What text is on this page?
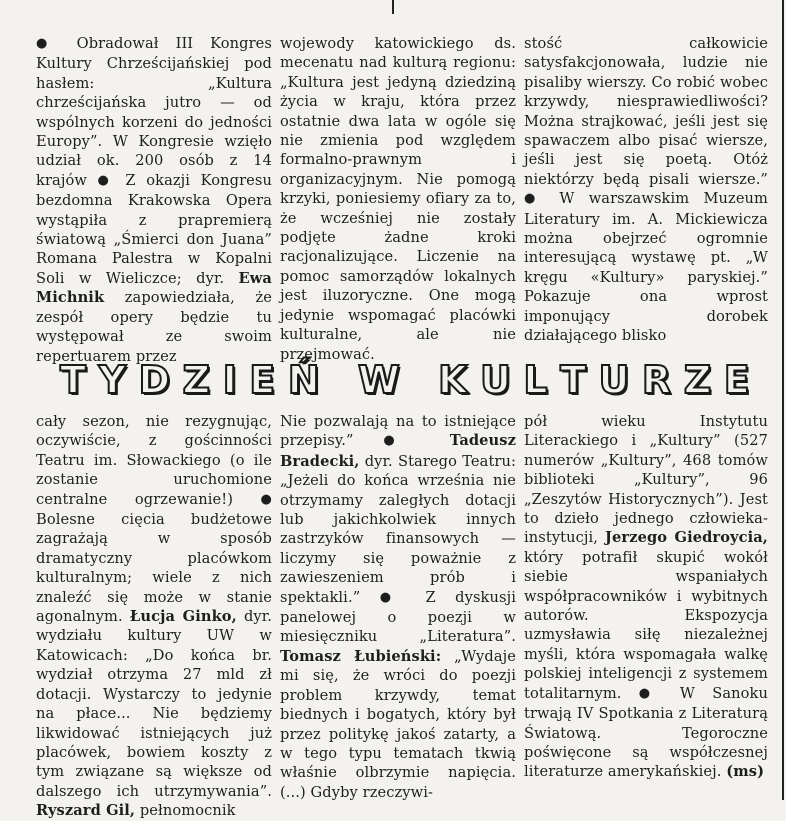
● Obradował III Kongres Kultury Chrześcijańskiej pod hasłem: „Kultura chrześcijańska jutro — od wspólnych korzeni do jedności Europy”. W Kongresie wzięło udział ok. 200 osób z 14 krajów ● Z okazji Kongresu bezdomna Krakowska Opera wystąpiła z prapremierą światową „Śmierci don Juana” Romana Palestra w Kopalni Soli w Wieliczce; dyr. Ewa Michnik zapowiedziała, że zespół opery będzie tu występował ze swoim repertuarem przez

wojewody katowickiego ds. mecenatu nad kulturą regionu: „Kultura jest jedyną dziedziną życia w kraju, która przez ostatnie dwa lata w ogóle się nie zmienia pod względem formalno-prawnym i organizacyjnym. Nie pomogą krzyki, poniesiemy ofiary za to, że wcześniej nie zostały podjęte żadne kroki racjonalizujące. Liczenie na pomoc samorządów lokalnych jest iluzoryczne. One mogą jedynie wspomagać placówki kulturalne, ale nie przejmować.

stość całkowicie satysfakcjonowała, ludzie nie pisaliby wierszy. Co robić wobec krzywdy, niesprawiedliwości? Można strajkować, jeśli jest się spawaczem albo pisać wiersze, jeśli jest się poetą. Otóż niektórzy będą pisali wiersze.” ● W warszawskim Muzeum Literatury im. A. Mickiewicza można obejrzeć ogromnie interesującą wystawę pt. „W kręgu «Kultury» paryskiej.” Pokazuje ona wprost imponujący dorobek działającego blisko

T Y D Z I E Ń
W
K U L T U R Z E

cały sezon, nie rezygnując, oczywiście, z gościnności Teatru im. Słowackiego (o ile zostanie uruchomione centralne ogrzewanie!) ● Bolesne cięcia budżetowe zagrażają w sposób dramatyczny placówkom kulturalnym; wiele z nich znaleźć się może w stanie agonalnym. Łucja Ginko, dyr. wydziału kultury UW w Katowicach: „Do końca br. wydział otrzyma 27 mld zł dotacji. Wystarczy to jedynie na płace... Nie będziemy likwidować istniejących już placówek, bowiem koszty z tym związane są większe od dalszego ich utrzymywania”. Ryszard Gil, pełnomocnik

Nie pozwalają na to istniejące przepisy.” ● Tadeusz Bradecki, dyr. Starego Teatru: „Jeżeli do końca września nie otrzymamy zaległych dotacji lub jakichkolwiek innych zastrzyków finansowych — liczymy się poważnie z zawieszeniem prób i spektakli.” ● Z dyskusji panelowej o poezji w miesięczniku „Literatura”. Tomasz Łubieński: „Wydaje mi się, że wróci do poezji problem krzywdy, temat biednych i bogatych, który był przez politykę jakoś zatarty, a w tego typu tematach tkwią właśnie olbrzymie napięcia. (...) Gdyby rzeczywi-

pół wieku Instytutu Literackiego i „Kultury” (527 numerów „Kultury”, 468 tomów biblioteki „Kultury”, 96 „Zeszytów Historycznych”). Jest to dzieło jednego człowieka-instytucji, Jerzego Giedroycia, który potrafił skupić wokół siebie wspaniałych współpracowników i wybitnych autorów. Ekspozycja uzmysławia siłę niezależnej myśli, która wspomagała walkę polskiej inteligencji z systemem totalitarnym. ● W Sanoku trwają IV Spotkania z Literaturą Światową. Tegoroczne poświęcone są współczesnej literaturze amerykańskiej. (ms)
